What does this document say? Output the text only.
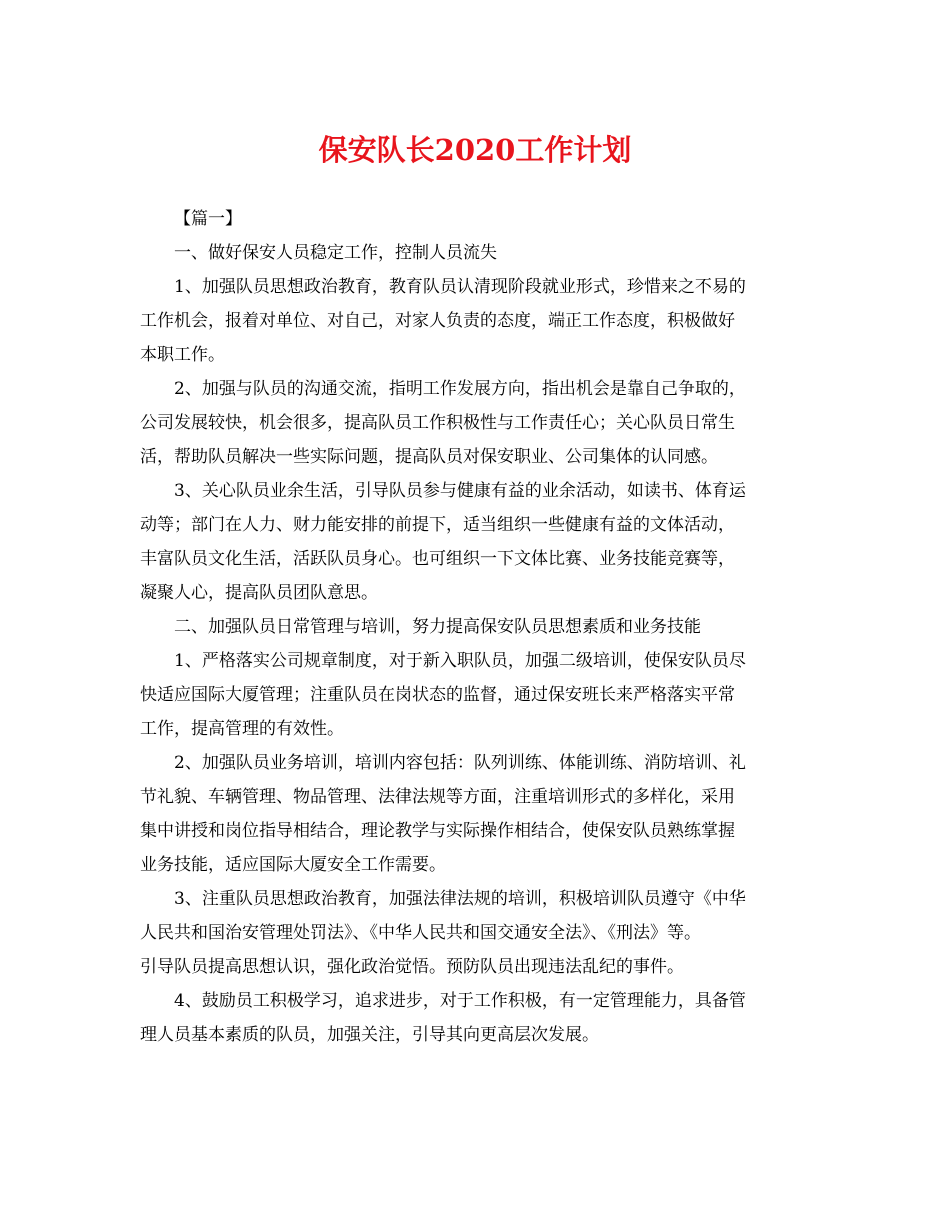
保安队长2020工作计划

【篇一】

一、做好保安人员稳定工作，控制人员流失

1、加强队员思想政治教育，教育队员认清现阶段就业形式，珍惜来之不易的
工作机会，报着对单位、对自己，对家人负责的态度，端正工作态度，积极做好
本职工作。
2、加强与队员的沟通交流，指明工作发展方向，指出机会是靠自己争取的，
公司发展较快，机会很多，提高队员工作积极性与工作责任心；关心队员日常生
活，帮助队员解决一些实际问题，提高队员对保安职业、公司集体的认同感。
3、关心队员业余生活，引导队员参与健康有益的业余活动，如读书、体育运
动等；部门在人力、财力能安排的前提下，适当组织一些健康有益的文体活动，
丰富队员文化生活，活跃队员身心。也可组织一下文体比赛、业务技能竞赛等，
凝聚人心，提高队员团队意思。

二、加强队员日常管理与培训，努力提高保安队员思想素质和业务技能

1、严格落实公司规章制度，对于新入职队员，加强二级培训，使保安队员尽
快适应国际大厦管理；注重队员在岗状态的监督，通过保安班长来严格落实平常
工作，提高管理的有效性。
2、加强队员业务培训，培训内容包括：队列训练、体能训练、消防培训、礼
节礼貌、车辆管理、物品管理、法律法规等方面，注重培训形式的多样化，采用
集中讲授和岗位指导相结合，理论教学与实际操作相结合，使保安队员熟练掌握
业务技能，适应国际大厦安全工作需要。
3、注重队员思想政治教育，加强法律法规的培训，积极培训队员遵守《中华
人民共和国治安管理处罚法》、《中华人民共和国交通安全法》、《刑法》等。
引导队员提高思想认识，强化政治觉悟。预防队员出现违法乱纪的事件。
4、鼓励员工积极学习，追求进步，对于工作积极，有一定管理能力，具备管
理人员基本素质的队员，加强关注，引导其向更高层次发展。
